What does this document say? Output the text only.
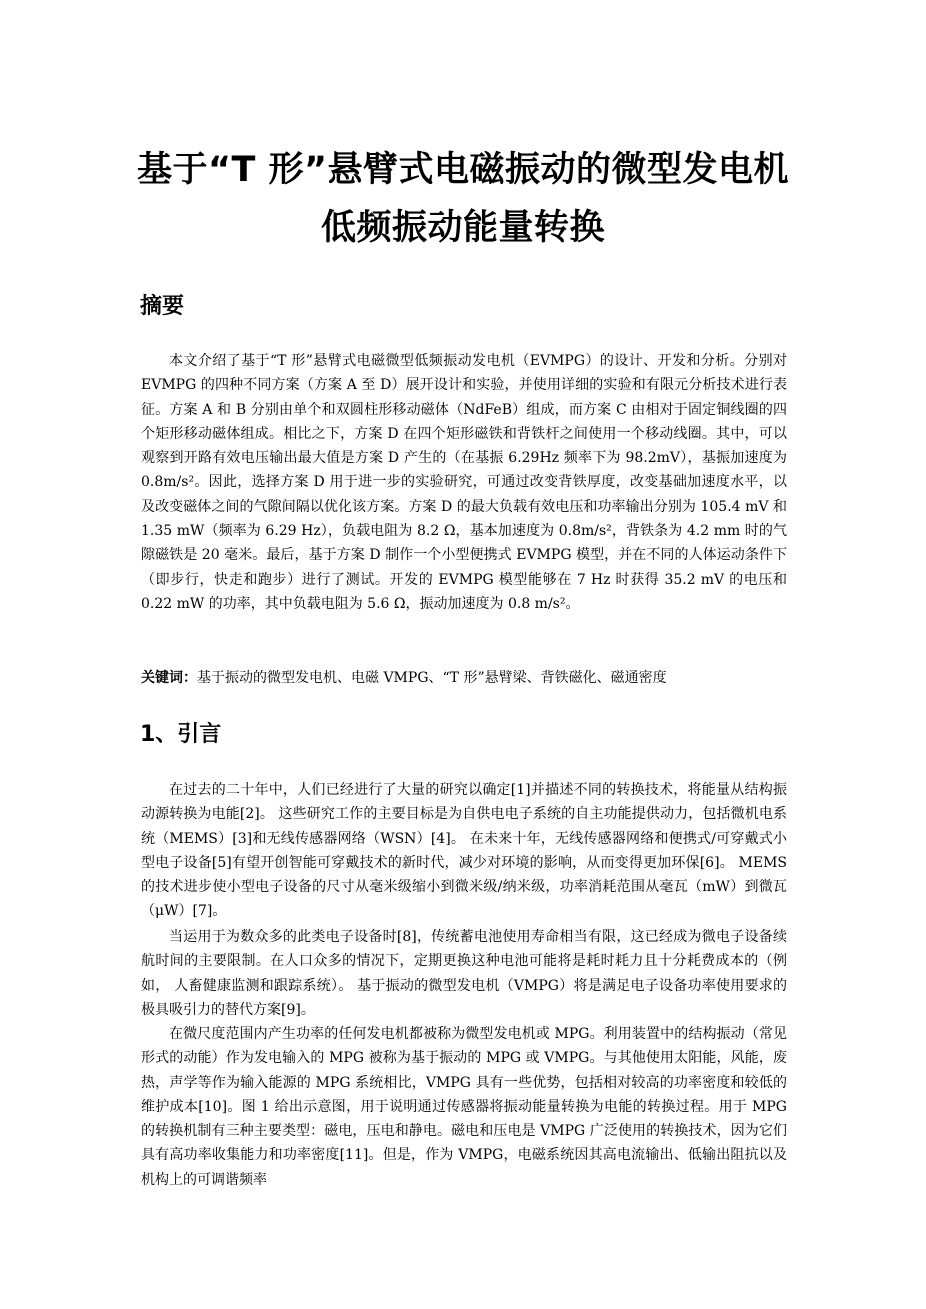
基于“T 形”悬臂式电磁振动的微型发电机
低频振动能量转换
摘要

本文介绍了基于“T 形”悬臂式电磁微型低频振动发电机（EVMPG）的设计、开发和分析。分别对 EVMPG 的四种不同方案（方案 A 至 D）展开设计和实验，并使用详细的实验和有限元分析技术进行表征。方案 A 和 B 分别由单个和双圆柱形移动磁体（NdFeB）组成，而方案 C 由相对于固定铜线圈的四个矩形移动磁体组成。相比之下，方案 D 在四个矩形磁铁和背铁杆之间使用一个移动线圈。其中，可以观察到开路有效电压输出最大值是方案 D 产生的（在基振 6.29Hz 频率下为 98.2mV），基振加速度为 0.8m/s²。因此，选择方案 D 用于进一步的实验研究，可通过改变背铁厚度，改变基础加速度水平，以及改变磁体之间的气隙间隔以优化该方案。方案 D 的最大负载有效电压和功率输出分别为 105.4 mV 和 1.35 mW（频率为 6.29 Hz），负载电阻为 8.2 Ω，基本加速度为 0.8m/s²，背铁条为 4.2 mm 时的气隙磁铁是 20 毫米。最后，基于方案 D 制作一个小型便携式 EVMPG 模型，并在不同的人体运动条件下（即步行，快走和跑步）进行了测试。开发的 EVMPG 模型能够在 7 Hz 时获得 35.2 mV 的电压和 0.22 mW 的功率，其中负载电阻为 5.6 Ω，振动加速度为 0.8 m/s²。

关键词：基于振动的微型发电机、电磁 VMPG、“T 形”悬臂梁、背铁磁化、磁通密度

1、引言

在过去的二十年中，人们已经进行了大量的研究以确定[1]并描述不同的转换技术，将能量从结构振动源转换为电能[2]。 这些研究工作的主要目标是为自供电电子系统的自主功能提供动力，包括微机电系统（MEMS）[3]和无线传感器网络（WSN）[4]。 在未来十年，无线传感器网络和便携式/可穿戴式小型电子设备[5]有望开创智能可穿戴技术的新时代，减少对环境的影响，从而变得更加环保[6]。 MEMS 的技术进步使小型电子设备的尺寸从毫米级缩小到微米级/纳米级，功率消耗范围从毫瓦（mW）到微瓦（μW）[7]。

当运用于为数众多的此类电子设备时[8]，传统蓄电池使用寿命相当有限，这已经成为微电子设备续航时间的主要限制。在人口众多的情况下，定期更换这种电池可能将是耗时耗力且十分耗费成本的（例如， 人畜健康监测和跟踪系统）。 基于振动的微型发电机（VMPG）将是满足电子设备功率使用要求的极具吸引力的替代方案[9]。

在微尺度范围内产生功率的任何发电机都被称为微型发电机或 MPG。利用装置中的结构振动（常见形式的动能）作为发电输入的 MPG 被称为基于振动的 MPG 或 VMPG。与其他使用太阳能，风能，废热，声学等作为输入能源的 MPG 系统相比，VMPG 具有一些优势，包括相对较高的功率密度和较低的维护成本[10]。图 1 给出示意图，用于说明通过传感器将振动能量转换为电能的转换过程。用于 MPG 的转换机制有三种主要类型：磁电，压电和静电。磁电和压电是 VMPG 广泛使用的转换技术，因为它们具有高功率收集能力和功率密度[11]。但是，作为 VMPG，电磁系统因其高电流输出、低输出阻抗以及机构上的可调谐频率
